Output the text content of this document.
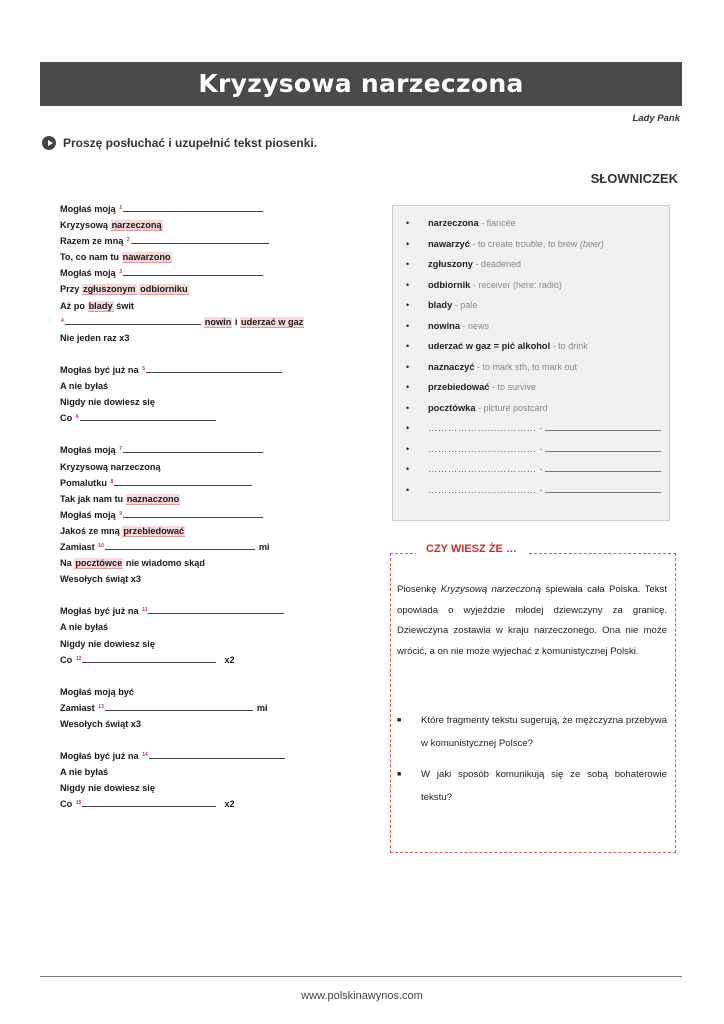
Kryzysowa narzeczona
Lady Pank
Proszę posłuchać i uzupełnić tekst piosenki.
SŁOWNICZEK
Mogłaś moją $^1$
Kryzysową narzeczoną
Razem ze mną $^2$
To, co nam tu nawarzono
Mogłaś moją $^3$
Przy zgłuszonym odbiorniku
Aż po blady świt
$^4$	nowin i uderzać w gaz
Nie jeden raz x3
Mogłaś być już na $^5$
A nie byłaś
Nigdy nie dowiesz się
Co $^6$
Mogłaś moją $^7$
Kryzysową narzeczoną
Pomalutku $^8$
Tak jak nam tu naznaczono
Mogłaś moją $^9$
Jakoś ze mną przebiedować
Zamiast $^{10}$	mi
Na pocztówce nie wiadomo skąd
Wesołych świąt x3
Mogłaś być już na $^{11}$
A nie byłaś
Nigdy nie dowiesz się
Co $^{12}$	x2
Mogłaś moją być
Zamiast $^{13}$	mi
Wesołych świąt x3
Mogłaś być już na $^{14}$
A nie byłaś
Nigdy nie dowiesz się
Co $^{15}$	x2
• narzeczona - fiancée
• nawarzyć - to create trouble, to brew (beer)
• zgłuszony - deadened
• odbiornik - receiver (here: radio)
• blady - pale
• nowina - news
• uderzać w gaz = pić alkohol - to drink
• naznaczyć - to mark sth, to mark out
• przebiedować - to survive
• pocztówka - picture postcard
• …………………………… -
• …………………………… -
• …………………………… -
• …………………………… -
CZY WIESZ ŻE …
Piosenkę Kryzysową narzeczoną śpiewała cała Polska. Tekst opowiada o wyjeździe młodej dziewczyny za granicę. Dziewczyna zostawia w kraju narzeczonego. Ona nie może wrócić, a on nie może wyjechać z komunistycznej Polski.
■	Które fragmenty tekstu sugerują, że mężczyzna przebywa w komunistycznej Polsce?
■	W jaki sposób komunikują się ze sobą bohaterowie tekstu?
www.polskinawynos.com
